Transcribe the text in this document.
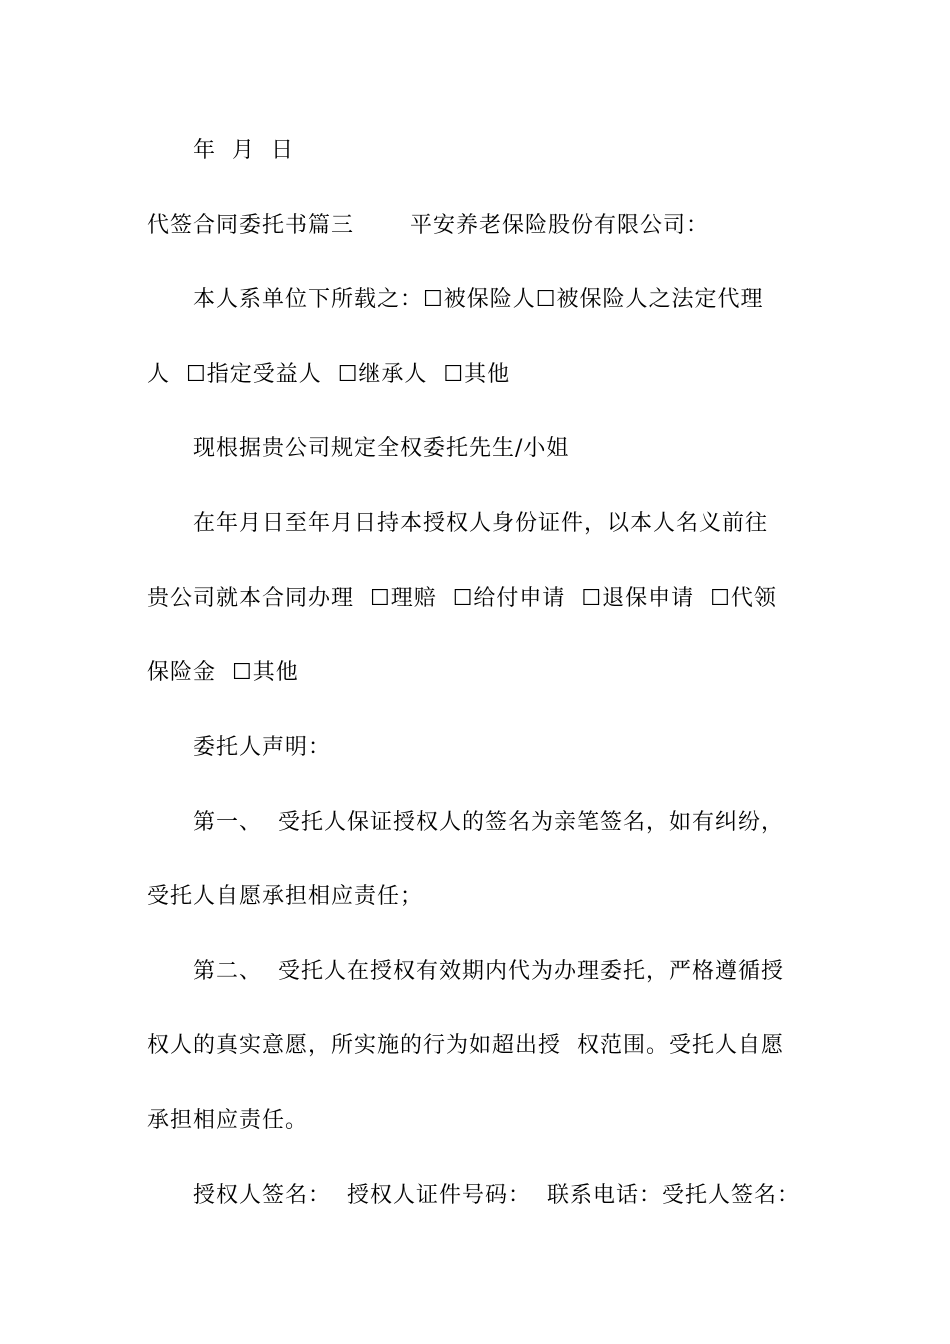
年  月  日
代签合同委托书篇三       平安养老保险股份有限公司：
本人系单位下所载之：☐被保险人☐被保险人之法定代理
人  ☐指定受益人  ☐继承人  ☐其他
现根据贵公司规定全权委托先生/小姐
在年月日至年月日持本授权人身份证件，以本人名义前往
贵公司就本合同办理  ☐理赔  ☐给付申请  ☐退保申请  ☐代领
保险金  ☐其他
委托人声明：
第一、  受托人保证授权人的签名为亲笔签名，如有纠纷，
受托人自愿承担相应责任；
第二、  受托人在授权有效期内代为办理委托，严格遵循授
权人的真实意愿，所实施的行为如超出授  权范围。受托人自愿
承担相应责任。
授权人签名：  授权人证件号码：  联系电话：受托人签名：
